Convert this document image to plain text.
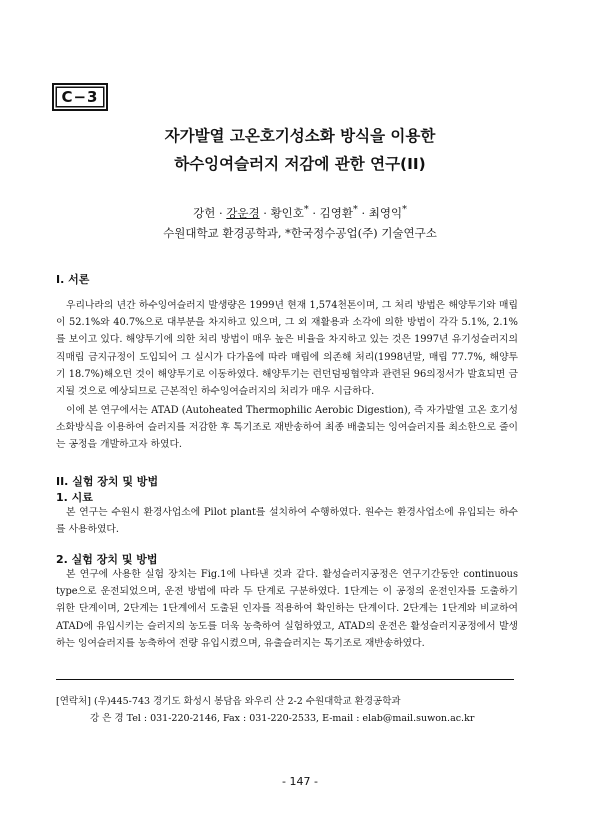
C−3
자가발열 고온호기성소화 방식을 이용한
하수잉여슬러지 저감에 관한 연구(II)
강헌 · 강운경 · 황인호* · 김영환* · 최영익*
수원대학교 환경공학과, *한국정수공업(주) 기술연구소
I. 서론
우리나라의 년간 하수잉여슬러지 발생량은 1999년 현재 1,574천톤이며, 그 처리 방법은 해양투기와 매립이 52.1%와 40.7%으로 대부분을 차지하고 있으며, 그 외 재활용과 소각에 의한 방법이 각각 5.1%, 2.1%를 보이고 있다. 해양투기에 의한 처리 방법이 매우 높은 비율을 차지하고 있는 것은 1997년 유기성슬러지의 직매립 금지규정이 도입되어 그 실시가 다가옴에 따라 매립에 의존해 처리(1998년말, 매립 77.7%, 해양투기 18.7%)해오던 것이 해양투기로 이동하였다. 해양투기는 런던덤핑협약과 관련된 96의정서가 발효되면 금지될 것으로 예상되므로 근본적인 하수잉여슬러지의 처리가 매우 시급하다.
이에 본 연구에서는 ATAD (Autoheated Thermophilic Aerobic Digestion), 즉 자가발열 고온 호기성 소화방식을 이용하여 슬러지를 저감한 후 톡기조로 재반송하여 최종 배출되는 잉여슬러지를 최소한으로 줄이는 공정을 개발하고자 하였다.
II. 실험 장치 및 방법
1. 시료
본 연구는 수원시 환경사업소에 Pilot plant를 설치하여 수행하였다. 원수는 환경사업소에 유입되는 하수를 사용하였다.
2. 실험 장치 및 방법
본 연구에 사용한 실험 장치는 Fig.1에 나타낸 것과 같다. 활성슬러지공정은 연구기간동안 continuous type으로 운전되었으며, 운전 방법에 따라 두 단계로 구분하였다. 1단계는 이 공정의 운전인자를 도출하기 위한 단계이며, 2단계는 1단계에서 도출된 인자를 적용하여 확인하는 단계이다. 2단계는 1단계와 비교하여 ATAD에 유입시키는 슬러지의 농도를 더욱 농축하여 실험하였고, ATAD의 운전은 활성슬러지공정에서 발생하는 잉여슬러지를 농축하여 전량 유입시켰으며, 유출슬러지는 톡기조로 재반송하였다.
[연락처] (우)445-743 경기도 화성시 봉담읍 와우리 산 2-2 수원대학교 환경공학과
강 은 경 Tel : 031-220-2146, Fax : 031-220-2533, E-mail : elab@mail.suwon.ac.kr
- 147 -
